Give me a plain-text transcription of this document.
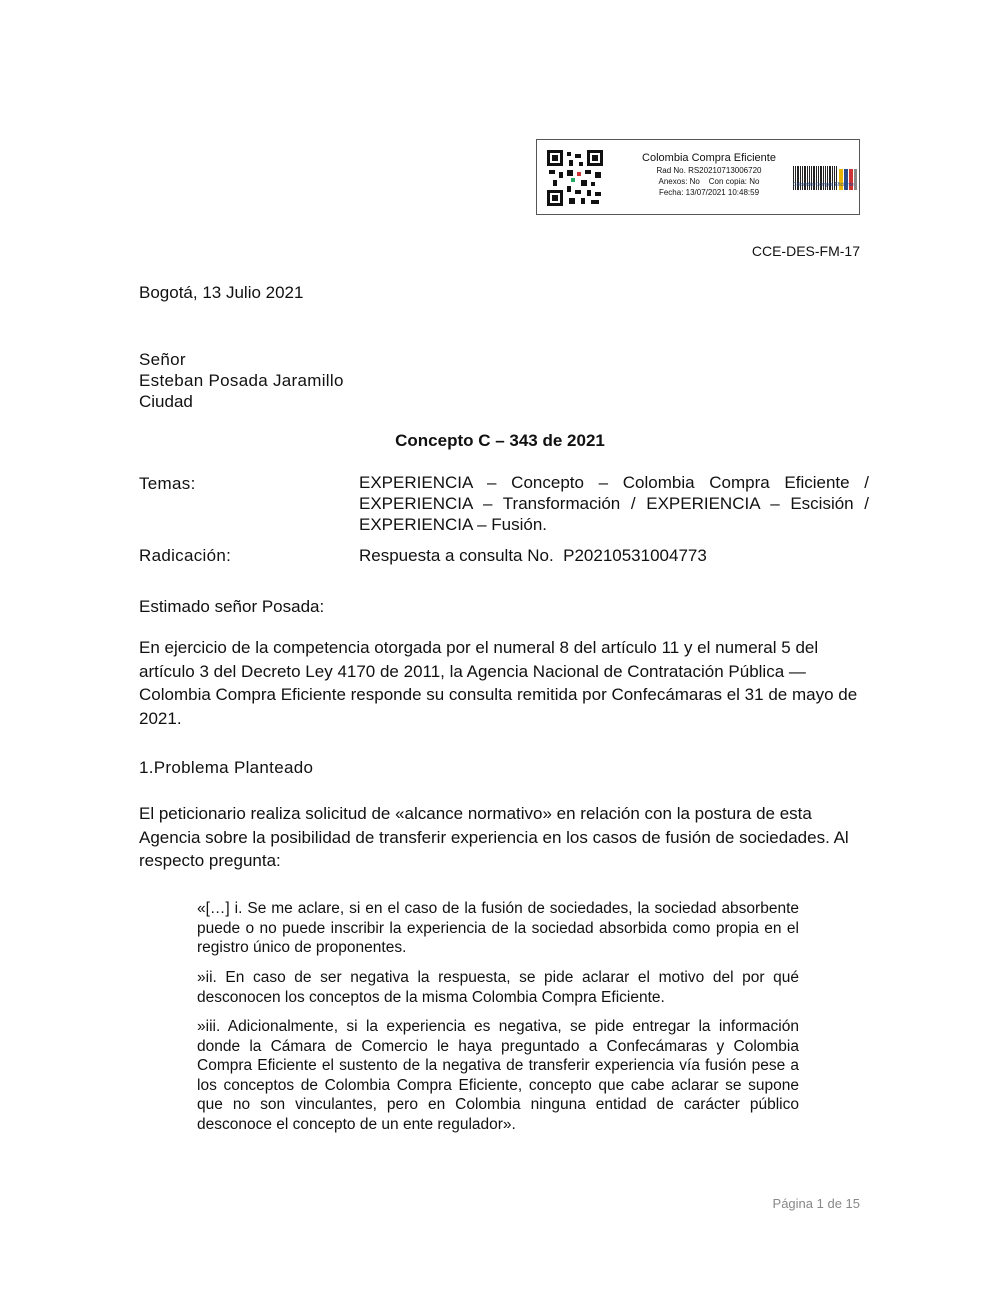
Colombia Compra Eficiente
Rad No. RS20210713006720
Anexos: No    Con copia: No
Fecha: 13/07/2021 10:48:59
Colombia Compra Eficiente
CCE-DES-FM-17
Bogotá, 13 Julio 2021
Señor
Esteban Posada Jaramillo
Ciudad
Concepto C – 343 de 2021
Temas:	EXPERIENCIA – Concepto – Colombia Compra Eficiente / EXPERIENCIA – Transformación / EXPERIENCIA – Escisión / EXPERIENCIA – Fusión.
Radicación:	Respuesta a consulta No.  P20210531004773
Estimado señor Posada:
En ejercicio de la competencia otorgada por el numeral 8 del artículo 11 y el numeral 5 del artículo 3 del Decreto Ley 4170 de 2011, la Agencia Nacional de Contratación Pública —Colombia Compra Eficiente responde su consulta remitida por Confecámaras el 31 de mayo de 2021.
1.Problema Planteado
El peticionario realiza solicitud de «alcance normativo» en relación con la postura de esta Agencia sobre la posibilidad de transferir experiencia en los casos de fusión de sociedades. Al respecto pregunta:
«[…] i. Se me aclare, si en el caso de la fusión de sociedades, la sociedad absorbente puede o no puede inscribir la experiencia de la sociedad absorbida como propia en el registro único de proponentes.
»ii. En caso de ser negativa la respuesta, se pide aclarar el motivo del por qué desconocen los conceptos de la misma Colombia Compra Eficiente.
»iii. Adicionalmente, si la experiencia es negativa, se pide entregar la información donde la Cámara de Comercio le haya preguntado a Confecámaras y Colombia Compra Eficiente el sustento de la negativa de transferir experiencia vía fusión pese a los conceptos de Colombia Compra Eficiente, concepto que cabe aclarar se supone que no son vinculantes, pero en Colombia ninguna entidad de carácter público desconoce el concepto de un ente regulador».
Página 1 de 15
